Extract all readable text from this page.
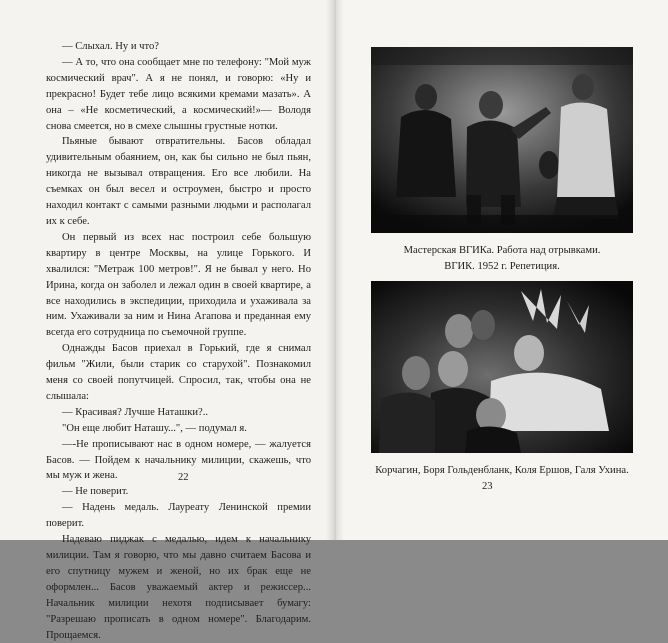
— Слыхал. Ну и что?

— А то, что она сообщает мне по телефону: "Мой муж космический врач". А я не понял, и говорю: «Ну и прекрасно! Будет тебе лицо всякими кремами мазать». А она – «Не косметический, а космический!»— Володя снова смеется, но в смехе слышны грустные нотки.

Пьяные бывают отвратительны. Басов обладал удивительным обаянием, он, как бы сильно не был пьян, никогда не вызывал отвращения. Его все любили. На съемках он был весел и остроумен, быстро и просто находил контакт с самыми разными людьми и располагал их к себе.

Он первый из всех нас построил себе большую квартиру в центре Москвы, на улице Горького. И хвалился: "Метраж 100 метров!". Я не бывал у него. Но Ирина, когда он заболел и лежал один в своей квартире, а все находились в экспедиции, приходила и ухаживала за ним. Ухаживали за ним и Нина Агапова и преданная ему всегда его сотрудница по съемочной группе.

Однажды Басов приехал в Горький, где я снимал фильм "Жили, были старик со старухой". Познакомил меня со своей попутчицей. Спросил, так, чтобы она не слышала:

— Красивая? Лучше Наташки?..

"Он еще любит Наташу...", — подумал я.

—-Не прописывают нас в одном номере, — жалуется Басов. — Пойдем к начальнику милиции, скажешь, что мы муж и жена.

— Не поверит.

— Надень медаль. Лауреату Ленинской премии поверит.

Надеваю пиджак с медалью, идем к начальнику милиции. Там я говорю, что мы давно считаем Басова и его спутницу мужем и женой, но их брак еще не оформлен... Басов уважаемый актер и режиссер... Начальник милиции нехотя подписывает бумагу: "Разрешаю прописать в одном номере". Благодарим. Прощаемся.

22
Мастерская ВГИКа. Работа над отрывками.
ВГИК. 1952 г. Репетиция.
Корчагин, Боря Гольденбланк, Коля Ершов, Галя Ухина.
23
